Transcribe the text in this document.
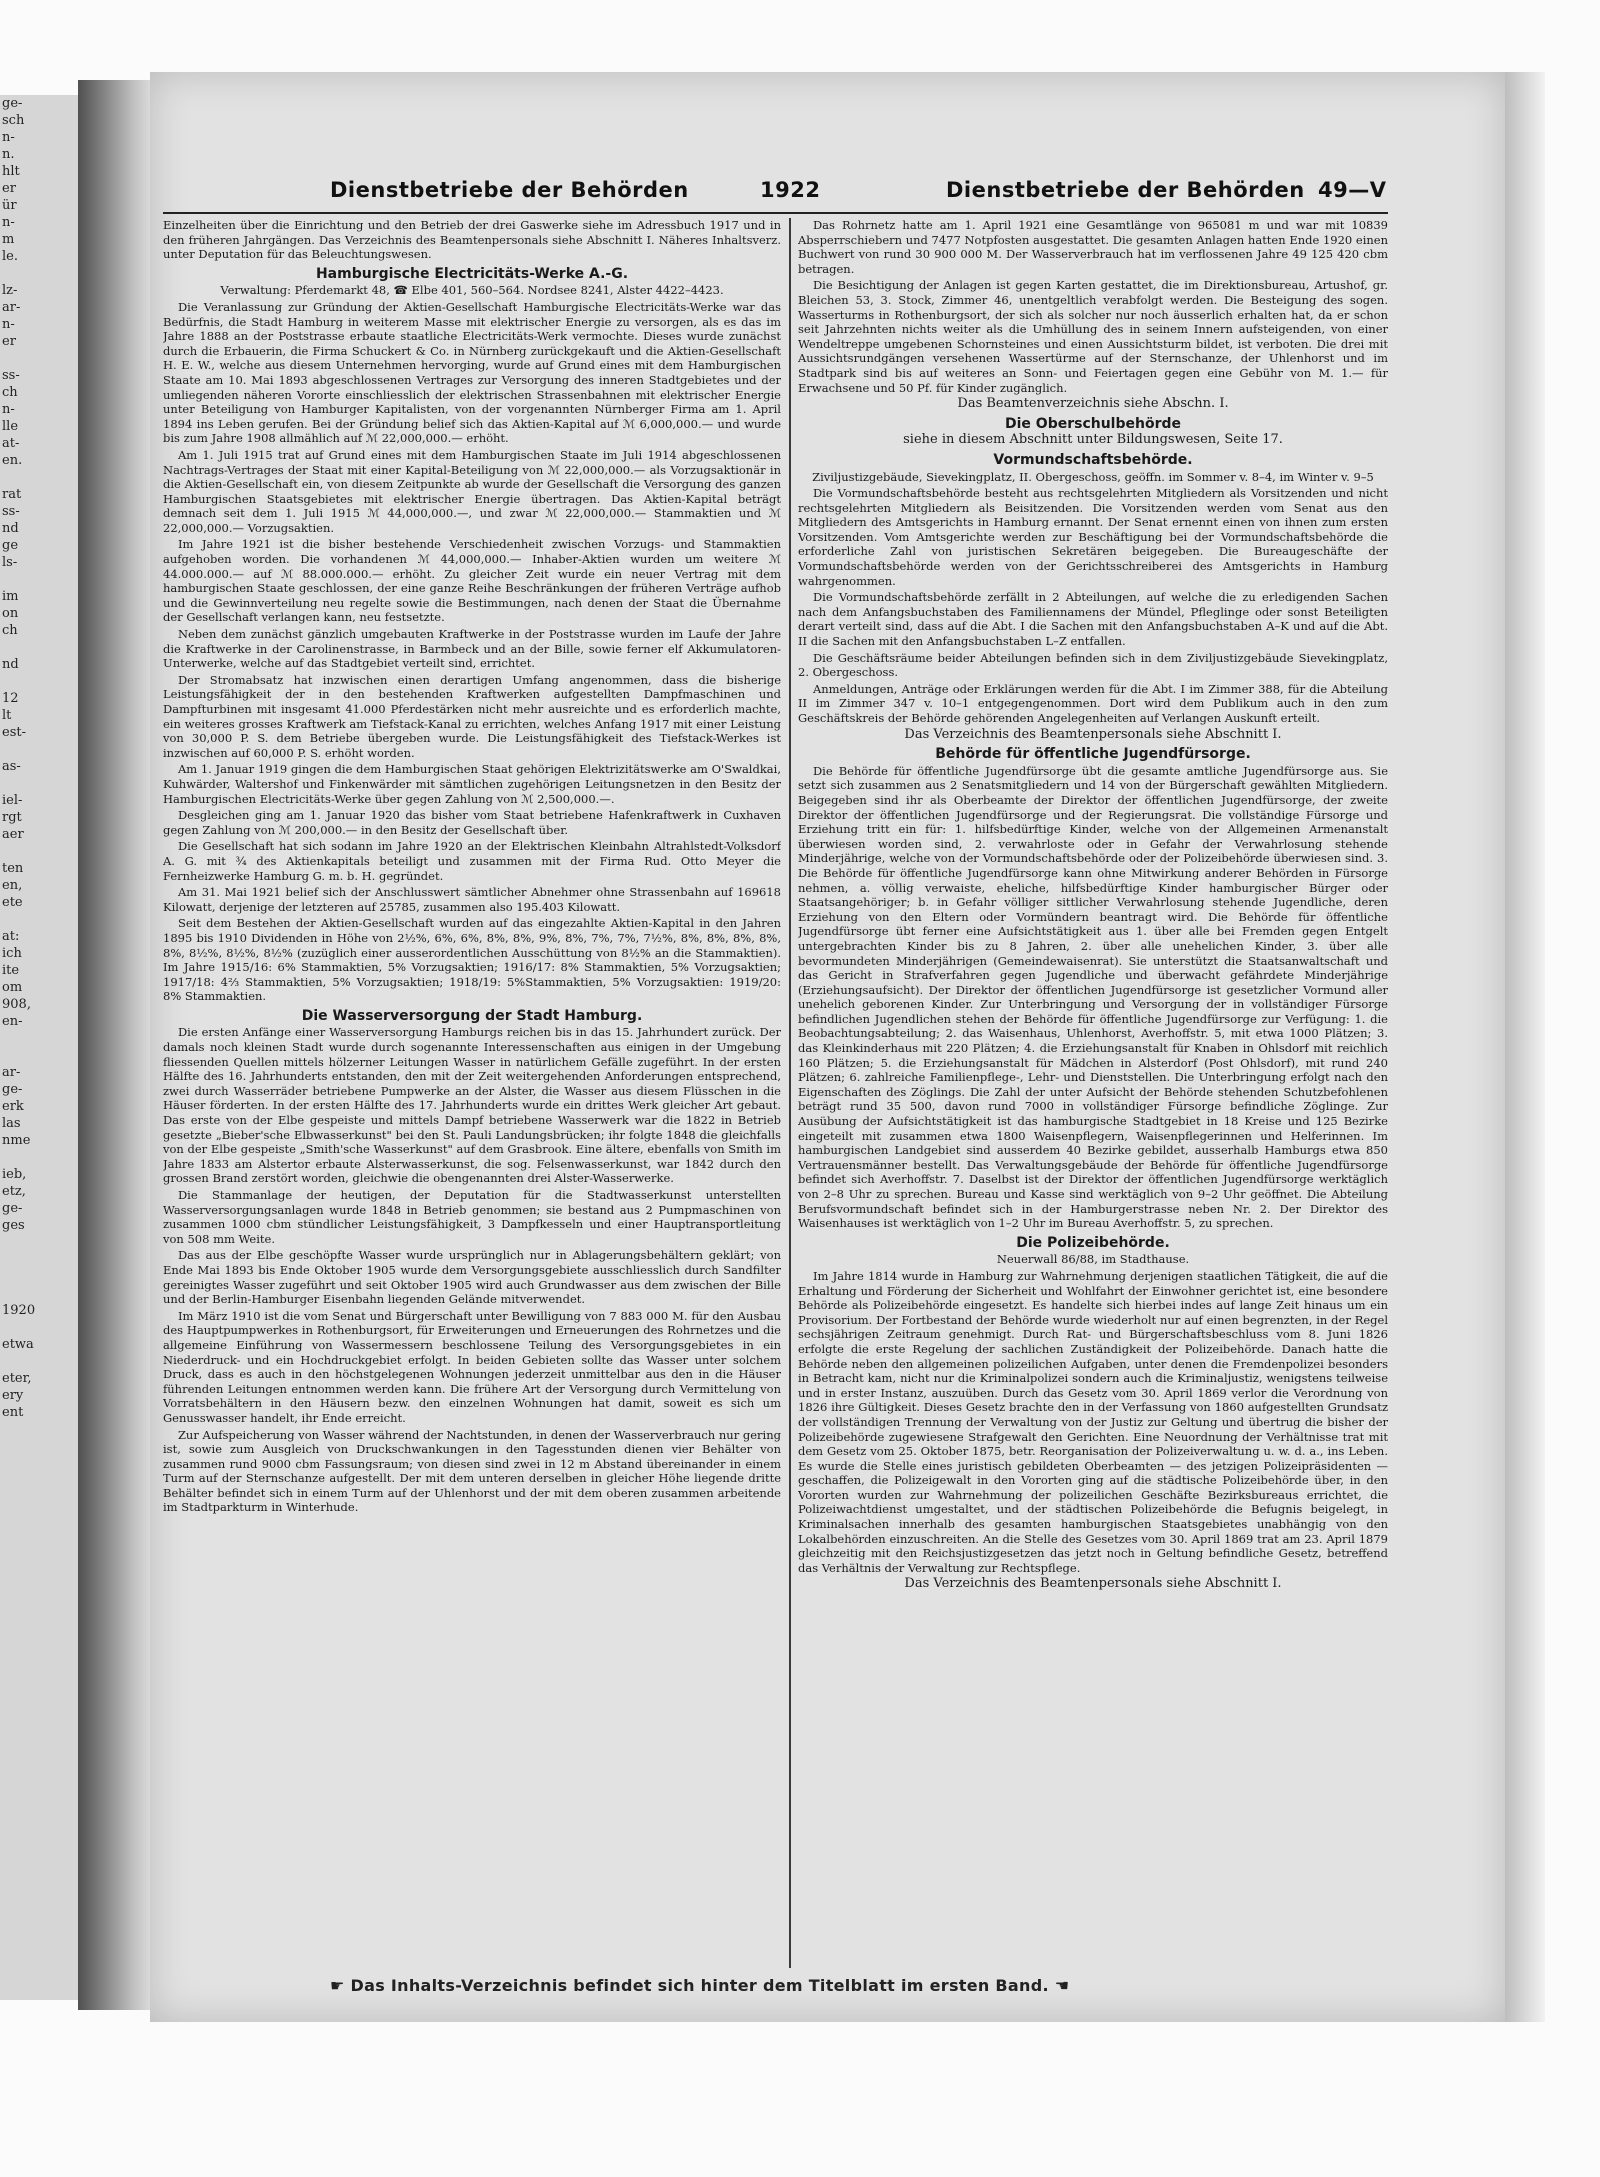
ge-
sch
n-
n.
hlt
er
ür
n-
m
le.

lz-
ar-
n-
er

ss-
ch
n-
lle
at-
en.

rat
ss-
nd
ge
ls-

im
on
ch

nd

12
lt
est-

as-

iel-
rgt
aer

ten
en,
ete

at:
ich
ite
om
908,
en-

ar-
ge-
erk
las
nme

ieb,
etz,
ge-
ges

1920

etwa

eter,
ery
ent
Dienstbetriebe der Behörden	1922	Dienstbetriebe der Behörden 49—V

Einzelheiten über die Einrichtung und den Betrieb der drei Gaswerke siehe im Adressbuch 1917 und in den früheren Jahrgängen. Das Verzeichnis des Beamtenpersonals siehe Abschnitt I. Näheres Inhaltsverz. unter Deputation für das Beleuchtungswesen.

Hamburgische Electricitäts-Werke A.-G.

Verwaltung: Pferdemarkt 48, ☎ Elbe 401, 560–564. Nordsee 8241, Alster 4422–4423.

Die Veranlassung zur Gründung der Aktien-Gesellschaft Hamburgische Electricitäts-Werke war das Bedürfnis, die Stadt Hamburg in weiterem Masse mit elektrischer Energie zu versorgen, als es das im Jahre 1888 an der Poststrasse erbaute staatliche Electricitäts-Werk vermochte. Dieses wurde zunächst durch die Erbauerin, die Firma Schuckert & Co. in Nürnberg zurückgekauft und die Aktien-Gesellschaft H. E. W., welche aus diesem Unternehmen hervorging, wurde auf Grund eines mit dem Hamburgischen Staate am 10. Mai 1893 abgeschlossenen Vertrages zur Versorgung des inneren Stadtgebietes und der umliegenden näheren Vororte einschliesslich der elektrischen Strassenbahnen mit elektrischer Energie unter Beteiligung von Hamburger Kapitalisten, von der vorgenannten Nürnberger Firma am 1. April 1894 ins Leben gerufen. Bei der Gründung belief sich das Aktien-Kapital auf ℳ 6,000,000.— und wurde bis zum Jahre 1908 allmählich auf ℳ 22,000,000.— erhöht.

Am 1. Juli 1915 trat auf Grund eines mit dem Hamburgischen Staate im Juli 1914 abgeschlossenen Nachtrags-Vertrages der Staat mit einer Kapital-Beteiligung von ℳ 22,000,000.— als Vorzugsaktionär in die Aktien-Gesellschaft ein, von diesem Zeitpunkte ab wurde der Gesellschaft die Versorgung des ganzen Hamburgischen Staatsgebietes mit elektrischer Energie übertragen. Das Aktien-Kapital beträgt demnach seit dem 1. Juli 1915 ℳ 44,000,000.—, und zwar ℳ 22,000,000.— Stammaktien und ℳ 22,000,000.— Vorzugsaktien.

Im Jahre 1921 ist die bisher bestehende Verschiedenheit zwischen Vorzugs- und Stammaktien aufgehoben worden. Die vorhandenen ℳ 44,000,000.— Inhaber-Aktien wurden um weitere ℳ 44.000.000.— auf ℳ 88.000.000.— erhöht. Zu gleicher Zeit wurde ein neuer Vertrag mit dem hamburgischen Staate geschlossen, der eine ganze Reihe Beschränkungen der früheren Verträge aufhob und die Gewinnverteilung neu regelte sowie die Bestimmungen, nach denen der Staat die Übernahme der Gesellschaft verlangen kann, neu festsetzte.

Neben dem zunächst gänzlich umgebauten Kraftwerke in der Poststrasse wurden im Laufe der Jahre die Kraftwerke in der Carolinenstrasse, in Barmbeck und an der Bille, sowie ferner elf Akkumulatoren-Unterwerke, welche auf das Stadtgebiet verteilt sind, errichtet.

Der Stromabsatz hat inzwischen einen derartigen Umfang angenommen, dass die bisherige Leistungsfähigkeit der in den bestehenden Kraftwerken aufgestellten Dampfmaschinen und Dampfturbinen mit insgesamt 41.000 Pferdestärken nicht mehr ausreichte und es erforderlich machte, ein weiteres grosses Kraftwerk am Tiefstack-Kanal zu errichten, welches Anfang 1917 mit einer Leistung von 30,000 P. S. dem Betriebe übergeben wurde. Die Leistungsfähigkeit des Tiefstack-Werkes ist inzwischen auf 60,000 P. S. erhöht worden.

Am 1. Januar 1919 gingen die dem Hamburgischen Staat gehörigen Elektrizitätswerke am O'Swaldkai, Kuhwärder, Waltershof und Finkenwärder mit sämtlichen zugehörigen Leitungsnetzen in den Besitz der Hamburgischen Electricitäts-Werke über gegen Zahlung von ℳ 2,500,000.—.

Desgleichen ging am 1. Januar 1920 das bisher vom Staat betriebene Hafenkraftwerk in Cuxhaven gegen Zahlung von ℳ 200,000.— in den Besitz der Gesellschaft über.

Die Gesellschaft hat sich sodann im Jahre 1920 an der Elektrischen Kleinbahn Altrahlstedt-Volksdorf A. G. mit ¾ des Aktienkapitals beteiligt und zusammen mit der Firma Rud. Otto Meyer die Fernheizwerke Hamburg G. m. b. H. gegründet.

Am 31. Mai 1921 belief sich der Anschlusswert sämtlicher Abnehmer ohne Strassenbahn auf 169618 Kilowatt, derjenige der letzteren auf 25785, zusammen also 195.403 Kilowatt.

Seit dem Bestehen der Aktien-Gesellschaft wurden auf das eingezahlte Aktien-Kapital in den Jahren 1895 bis 1910 Dividenden in Höhe von 2½%, 6%, 6%, 8%, 8%, 9%, 8%, 7%, 7%, 7½%, 8%, 8%, 8%, 8%, 8%, 8½%, 8½%, 8½% (zuzüglich einer ausserordentlichen Ausschüttung von 8½% an die Stammaktien). Im Jahre 1915/16: 6% Stammaktien, 5% Vorzugsaktien; 1916/17: 8% Stammaktien, 5% Vorzugsaktien; 1917/18: 4⅔ Stammaktien, 5% Vorzugsaktien; 1918/19: 5%Stammaktien, 5% Vorzugsaktien: 1919/20: 8% Stammaktien.

Die Wasserversorgung der Stadt Hamburg.

Die ersten Anfänge einer Wasserversorgung Hamburgs reichen bis in das 15. Jahrhundert zurück. Der damals noch kleinen Stadt wurde durch sogenannte Interessenschaften aus einigen in der Umgebung fliessenden Quellen mittels hölzerner Leitungen Wasser in natürlichem Gefälle zugeführt. In der ersten Hälfte des 16. Jahrhunderts entstanden, den mit der Zeit weitergehenden Anforderungen entsprechend, zwei durch Wasserräder betriebene Pumpwerke an der Alster, die Wasser aus diesem Flüsschen in die Häuser förderten. In der ersten Hälfte des 17. Jahrhunderts wurde ein drittes Werk gleicher Art gebaut. Das erste von der Elbe gespeiste und mittels Dampf betriebene Wasserwerk war die 1822 in Betrieb gesetzte „Bieber'sche Elbwasserkunst" bei den St. Pauli Landungsbrücken; ihr folgte 1848 die gleichfalls von der Elbe gespeiste „Smith'sche Wasserkunst" auf dem Grasbrook. Eine ältere, ebenfalls von Smith im Jahre 1833 am Alstertor erbaute Alsterwasserkunst, die sog. Felsenwasserkunst, war 1842 durch den grossen Brand zerstört worden, gleichwie die obengenannten drei Alster-Wasserwerke.

Die Stammanlage der heutigen, der Deputation für die Stadtwasserkunst unterstellten Wasserversorgungsanlagen wurde 1848 in Betrieb genommen; sie bestand aus 2 Pumpmaschinen von zusammen 1000 cbm stündlicher Leistungsfähigkeit, 3 Dampfkesseln und einer Hauptransportleitung von 508 mm Weite.

Das aus der Elbe geschöpfte Wasser wurde ursprünglich nur in Ablagerungsbehältern geklärt; von Ende Mai 1893 bis Ende Oktober 1905 wurde dem Versorgungsgebiete ausschliesslich durch Sandfilter gereinigtes Wasser zugeführt und seit Oktober 1905 wird auch Grundwasser aus dem zwischen der Bille und der Berlin-Hamburger Eisenbahn liegenden Gelände mitverwendet.

Im März 1910 ist die vom Senat und Bürgerschaft unter Bewilligung von 7 883 000 M. für den Ausbau des Hauptpumpwerkes in Rothenburgsort, für Erweiterungen und Erneuerungen des Rohrnetzes und die allgemeine Einführung von Wassermessern beschlossene Teilung des Versorgungsgebietes in ein Niederdruck- und ein Hochdruckgebiet erfolgt. In beiden Gebieten sollte das Wasser unter solchem Druck, dass es auch in den höchstgelegenen Wohnungen jederzeit unmittelbar aus den in die Häuser führenden Leitungen entnommen werden kann. Die frühere Art der Versorgung durch Vermittelung von Vorratsbehältern in den Häusern bezw. den einzelnen Wohnungen hat damit, soweit es sich um Genusswasser handelt, ihr Ende erreicht.

Zur Aufspeicherung von Wasser während der Nachtstunden, in denen der Wasserverbrauch nur gering ist, sowie zum Ausgleich von Druckschwankungen in den Tagesstunden dienen vier Behälter von zusammen rund 9000 cbm Fassungsraum; von diesen sind zwei in 12 m Abstand übereinander in einem Turm auf der Sternschanze aufgestellt. Der mit dem unteren derselben in gleicher Höhe liegende dritte Behälter befindet sich in einem Turm auf der Uhlenhorst und der mit dem oberen zusammen arbeitende im Stadtparkturm in Winterhude.

Das Rohrnetz hatte am 1. April 1921 eine Gesamtlänge von 965081 m und war mit 10839 Absperrschiebern und 7477 Notpfosten ausgestattet. Die gesamten Anlagen hatten Ende 1920 einen Buchwert von rund 30 900 000 M. Der Wasserverbrauch hat im verflossenen Jahre 49 125 420 cbm betragen.

Die Besichtigung der Anlagen ist gegen Karten gestattet, die im Direktionsbureau, Artushof, gr. Bleichen 53, 3. Stock, Zimmer 46, unentgeltlich verabfolgt werden. Die Besteigung des sogen. Wasserturms in Rothenburgsort, der sich als solcher nur noch äusserlich erhalten hat, da er schon seit Jahrzehnten nichts weiter als die Umhüllung des in seinem Innern aufsteigenden, von einer Wendeltreppe umgebenen Schornsteines und einen Aussichtsturm bildet, ist verboten. Die drei mit Aussichtsrundgängen versehenen Wassertürme auf der Sternschanze, der Uhlenhorst und im Stadtpark sind bis auf weiteres an Sonn- und Feiertagen gegen eine Gebühr von M. 1.— für Erwachsene und 50 Pf. für Kinder zugänglich.

Das Beamtenverzeichnis siehe Abschn. I.

Die Oberschulbehörde

siehe in diesem Abschnitt unter Bildungswesen, Seite 17.

Vormundschaftsbehörde.

Ziviljustizgebäude, Sievekingplatz, II. Obergeschoss, geöffn. im Sommer v. 8–4, im Winter v. 9–5

Die Vormundschaftsbehörde besteht aus rechtsgelehrten Mitgliedern als Vorsitzenden und nicht rechtsgelehrten Mitgliedern als Beisitzenden. Die Vorsitzenden werden vom Senat aus den Mitgliedern des Amtsgerichts in Hamburg ernannt. Der Senat ernennt einen von ihnen zum ersten Vorsitzenden. Vom Amtsgerichte werden zur Beschäftigung bei der Vormundschaftsbehörde die erforderliche Zahl von juristischen Sekretären beigegeben. Die Bureaugeschäfte der Vormundschaftsbehörde werden von der Gerichtsschreiberei des Amtsgerichts in Hamburg wahrgenommen.

Die Vormundschaftsbehörde zerfällt in 2 Abteilungen, auf welche die zu erledigenden Sachen nach dem Anfangsbuchstaben des Familiennamens der Mündel, Pfleglinge oder sonst Beteiligten derart verteilt sind, dass auf die Abt. I die Sachen mit den Anfangsbuchstaben A–K und auf die Abt. II die Sachen mit den Anfangsbuchstaben L–Z entfallen.

Die Geschäftsräume beider Abteilungen befinden sich in dem Ziviljustizgebäude Sievekingplatz, 2. Obergeschoss.

Anmeldungen, Anträge oder Erklärungen werden für die Abt. I im Zimmer 388, für die Abteilung II im Zimmer 347 v. 10–1 entgegengenommen. Dort wird dem Publikum auch in den zum Geschäftskreis der Behörde gehörenden Angelegenheiten auf Verlangen Auskunft erteilt.

Das Verzeichnis des Beamtenpersonals siehe Abschnitt I.

Behörde für öffentliche Jugendfürsorge.

Die Behörde für öffentliche Jugendfürsorge übt die gesamte amtliche Jugendfürsorge aus. Sie setzt sich zusammen aus 2 Senatsmitgliedern und 14 von der Bürgerschaft gewählten Mitgliedern. Beigegeben sind ihr als Oberbeamte der Direktor der öffentlichen Jugendfürsorge, der zweite Direktor der öffentlichen Jugendfürsorge und der Regierungsrat. Die vollständige Fürsorge und Erziehung tritt ein für: 1. hilfsbedürftige Kinder, welche von der Allgemeinen Armenanstalt überwiesen worden sind, 2. verwahrloste oder in Gefahr der Verwahrlosung stehende Minderjährige, welche von der Vormundschaftsbehörde oder der Polizeibehörde überwiesen sind. 3. Die Behörde für öffentliche Jugendfürsorge kann ohne Mitwirkung anderer Behörden in Fürsorge nehmen, a. völlig verwaiste, eheliche, hilfsbedürftige Kinder hamburgischer Bürger oder Staatsangehöriger; b. in Gefahr völliger sittlicher Verwahrlosung stehende Jugendliche, deren Erziehung von den Eltern oder Vormündern beantragt wird. Die Behörde für öffentliche Jugendfürsorge übt ferner eine Aufsichtstätigkeit aus 1. über alle bei Fremden gegen Entgelt untergebrachten Kinder bis zu 8 Jahren, 2. über alle unehelichen Kinder, 3. über alle bevormundeten Minderjährigen (Gemeindewaisenrat). Sie unterstützt die Staatsanwaltschaft und das Gericht in Strafverfahren gegen Jugendliche und überwacht gefährdete Minderjährige (Erziehungsaufsicht). Der Direktor der öffentlichen Jugendfürsorge ist gesetzlicher Vormund aller unehelich geborenen Kinder. Zur Unterbringung und Versorgung der in vollständiger Fürsorge befindlichen Jugendlichen stehen der Behörde für öffentliche Jugendfürsorge zur Verfügung: 1. die Beobachtungsabteilung; 2. das Waisenhaus, Uhlenhorst, Averhoffstr. 5, mit etwa 1000 Plätzen; 3. das Kleinkinderhaus mit 220 Plätzen; 4. die Erziehungsanstalt für Knaben in Ohlsdorf mit reichlich 160 Plätzen; 5. die Erziehungsanstalt für Mädchen in Alsterdorf (Post Ohlsdorf), mit rund 240 Plätzen; 6. zahlreiche Familienpflege-, Lehr- und Dienststellen. Die Unterbringung erfolgt nach den Eigenschaften des Zöglings. Die Zahl der unter Aufsicht der Behörde stehenden Schutzbefohlenen beträgt rund 35 500, davon rund 7000 in vollständiger Fürsorge befindliche Zöglinge. Zur Ausübung der Aufsichtstätigkeit ist das hamburgische Stadtgebiet in 18 Kreise und 125 Bezirke eingeteilt mit zusammen etwa 1800 Waisenpflegern, Waisenpflegerinnen und Helferinnen. Im hamburgischen Landgebiet sind ausserdem 40 Bezirke gebildet, ausserhalb Hamburgs etwa 850 Vertrauensmänner bestellt. Das Verwaltungsgebäude der Behörde für öffentliche Jugendfürsorge befindet sich Averhoffstr. 7. Daselbst ist der Direktor der öffentlichen Jugendfürsorge werktäglich von 2–8 Uhr zu sprechen. Bureau und Kasse sind werktäglich von 9–2 Uhr geöffnet. Die Abteilung Berufsvormundschaft befindet sich in der Hamburgerstrasse neben Nr. 2. Der Direktor des Waisenhauses ist werktäglich von 1–2 Uhr im Bureau Averhoffstr. 5, zu sprechen.

Die Polizeibehörde.

Neuerwall 86/88, im Stadthause.

Im Jahre 1814 wurde in Hamburg zur Wahrnehmung derjenigen staatlichen Tätigkeit, die auf die Erhaltung und Förderung der Sicherheit und Wohlfahrt der Einwohner gerichtet ist, eine besondere Behörde als Polizeibehörde eingesetzt. Es handelte sich hierbei indes auf lange Zeit hinaus um ein Provisorium. Der Fortbestand der Behörde wurde wiederholt nur auf einen begrenzten, in der Regel sechsjährigen Zeitraum genehmigt. Durch Rat- und Bürgerschaftsbeschluss vom 8. Juni 1826 erfolgte die erste Regelung der sachlichen Zuständigkeit der Polizeibehörde. Danach hatte die Behörde neben den allgemeinen polizeilichen Aufgaben, unter denen die Fremdenpolizei besonders in Betracht kam, nicht nur die Kriminalpolizei sondern auch die Kriminaljustiz, wenigstens teilweise und in erster Instanz, auszuüben. Durch das Gesetz vom 30. April 1869 verlor die Verordnung von 1826 ihre Gültigkeit. Dieses Gesetz brachte den in der Verfassung von 1860 aufgestellten Grundsatz der vollständigen Trennung der Verwaltung von der Justiz zur Geltung und übertrug die bisher der Polizeibehörde zugewiesene Strafgewalt den Gerichten. Eine Neuordnung der Verhältnisse trat mit dem Gesetz vom 25. Oktober 1875, betr. Reorganisation der Polizeiverwaltung u. w. d. a., ins Leben. Es wurde die Stelle eines juristisch gebildeten Oberbeamten — des jetzigen Polizeipräsidenten — geschaffen, die Polizeigewalt in den Vororten ging auf die städtische Polizeibehörde über, in den Vororten wurden zur Wahrnehmung der polizeilichen Geschäfte Bezirksbureaus errichtet, die Polizeiwachtdienst umgestaltet, und der städtischen Polizeibehörde die Befugnis beigelegt, in Kriminalsachen innerhalb des gesamten hamburgischen Staatsgebietes unabhängig von den Lokalbehörden einzuschreiten. An die Stelle des Gesetzes vom 30. April 1869 trat am 23. April 1879 gleichzeitig mit den Reichsjustizgesetzen das jetzt noch in Geltung befindliche Gesetz, betreffend das Verhältnis der Verwaltung zur Rechtspflege.

Das Verzeichnis des Beamtenpersonals siehe Abschnitt I.

☛ Das Inhalts-Verzeichnis befindet sich hinter dem Titelblatt im ersten Band. ☚
